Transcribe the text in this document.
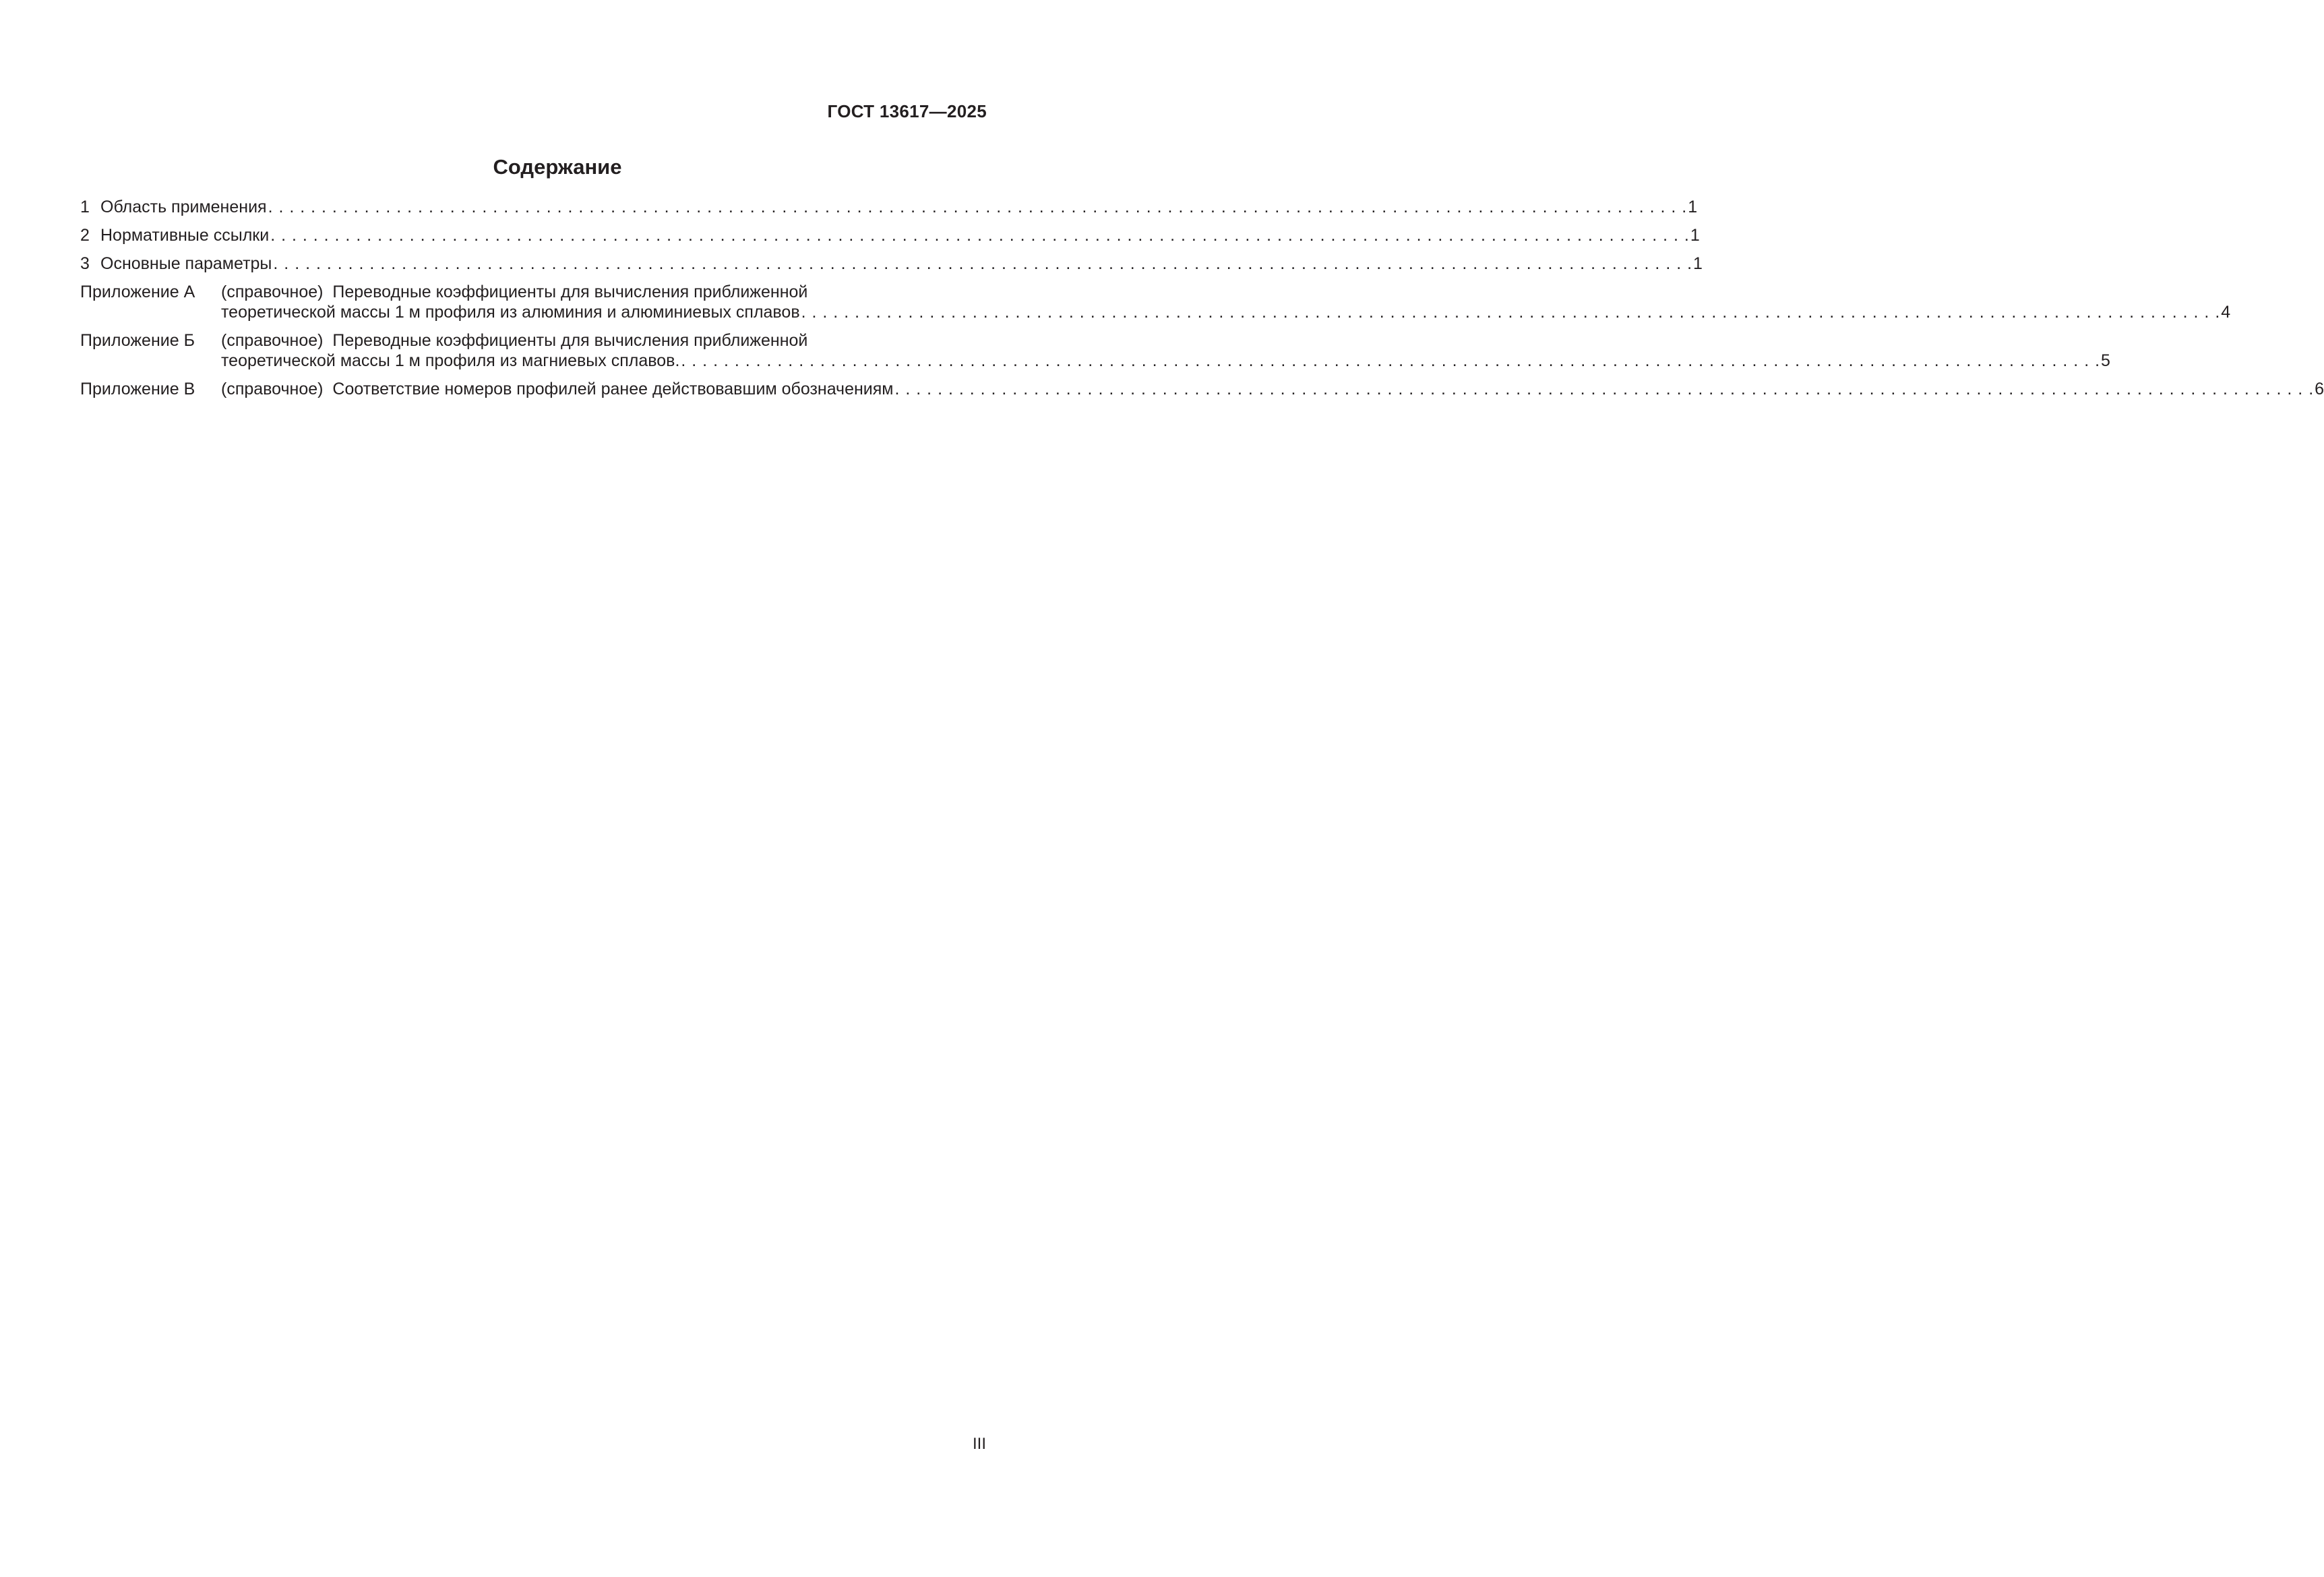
ГОСТ 13617—2025
Содержание
1 Область применения . . .	1
2 Нормативные ссылки . . .	1
3 Основные параметры . . .	1
Приложение А	(справочное) Переводные коэффициенты для вычисления приближенной
теоретической массы 1 м профиля из алюминия и алюминиевых сплавов . . .	4
Приложение Б	(справочное) Переводные коэффициенты для вычисления приближенной
теоретической массы 1 м профиля из магниевых сплавов. . . .	5
Приложение В	(справочное) Соответствие номеров профилей ранее действовавшим обозначениям . . .	6
III
